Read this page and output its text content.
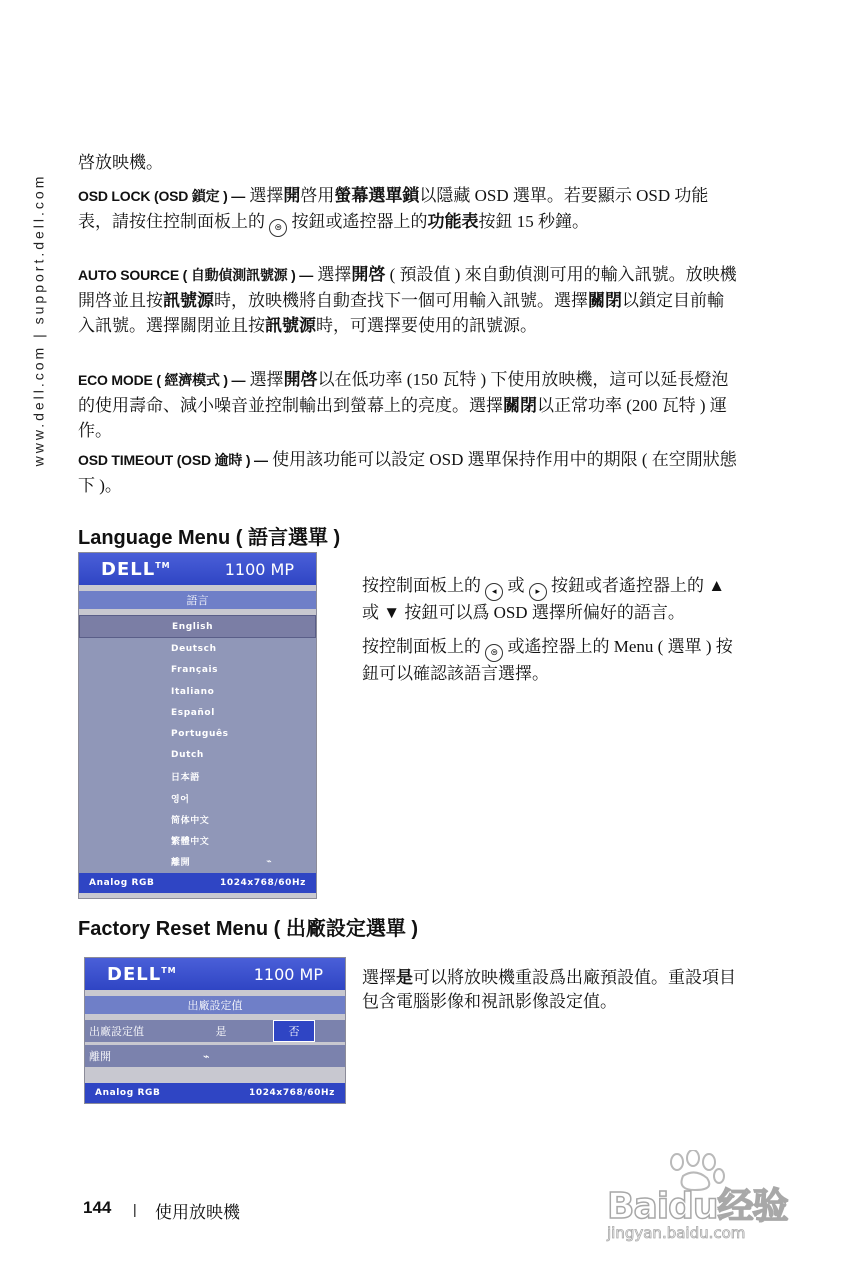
www.dell.com | support.dell.com

啓放映機。

OSD LOCK (OSD 鎖定 ) — 選擇開啓用螢幕選單鎖以隱藏 OSD 選單。若要顯示 OSD 功能表，請按住控制面板上的 ⊜ 按鈕或遙控器上的功能表按鈕 15 秒鐘。

AUTO SOURCE ( 自動偵測訊號源 ) — 選擇開啓 ( 預設值 ) 來自動偵測可用的輸入訊號。放映機開啓並且按訊號源時，放映機將自動查找下一個可用輸入訊號。選擇關閉以鎖定目前輸入訊號。選擇關閉並且按訊號源時，可選擇要使用的訊號源。

ECO MODE ( 經濟模式 ) — 選擇開啓以在低功率 (150 瓦特 ) 下使用放映機，這可以延長燈泡的使用壽命、減小噪音並控制輸出到螢幕上的亮度。選擇關閉以正常功率 (200 瓦特 ) 運作。

OSD TIMEOUT (OSD 逾時 ) — 使用該功能可以設定 OSD 選單保持作用中的期限 ( 在空閒狀態下 )。

Language Menu ( 語言選單 )
DELL™	1100 MP
語言
English
Deutsch
Français
Italiano
Español
Português
Dutch
日本語
영어
简体中文
繁體中文
離開	⌁
Analog RGB	1024x768/60Hz

按控制面板上的 ◂ 或 ▸ 按鈕或者遙控器上的 ▲ 或 ▼ 按鈕可以爲 OSD 選擇所偏好的語言。

按控制面板上的 ⊜ 或遙控器上的 Menu ( 選單 ) 按鈕可以確認該語言選擇。

Factory Reset Menu ( 出廠設定選單 )
DELL™	1100 MP
出廠設定值
出廠設定值	是	否
離開	⌁
Analog RGB	1024x768/60Hz

選擇是可以將放映機重設爲出廠預設值。重設項目包含電腦影像和視訊影像設定值。

144 | 使用放映機	Baidu经验
jingyan.baidu.com
